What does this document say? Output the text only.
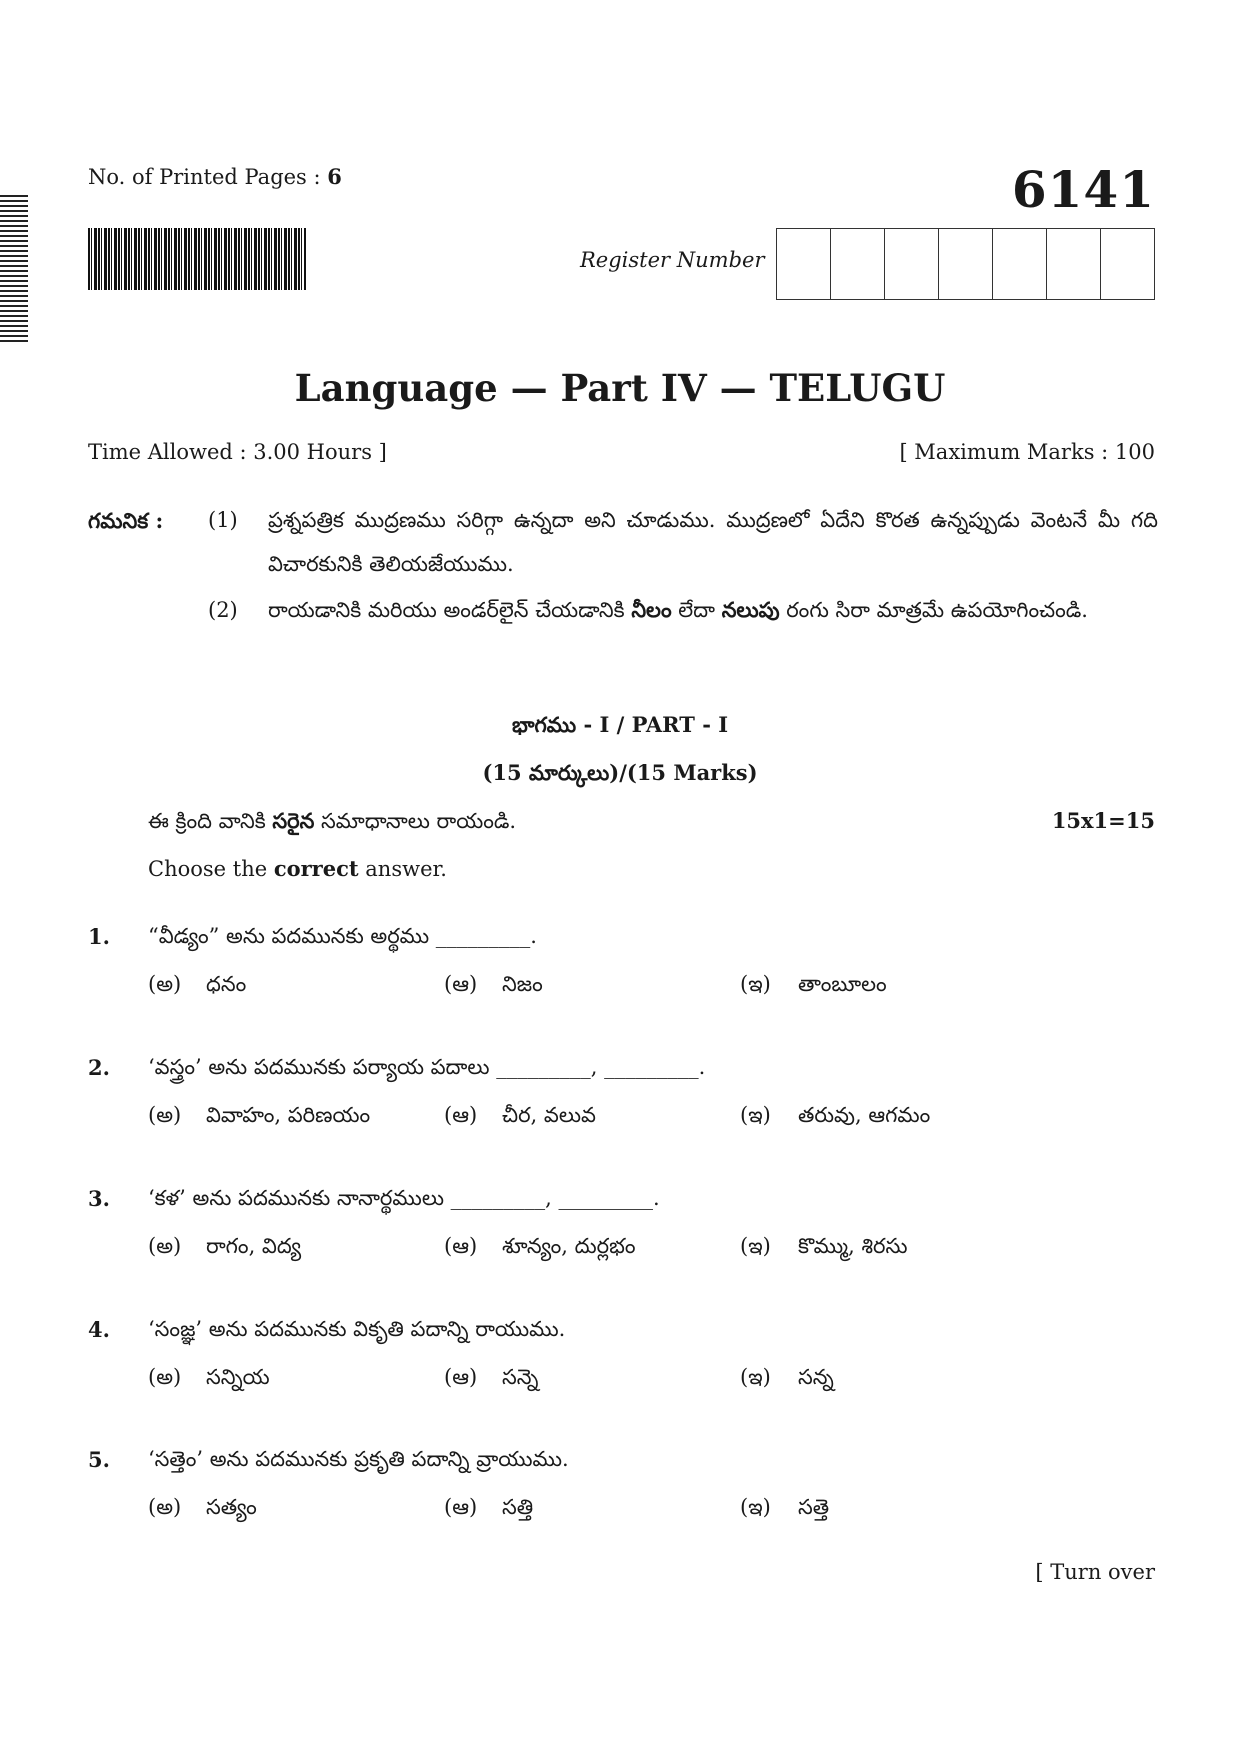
No. of Printed Pages : 6	6141
Register Number
Language — Part IV — TELUGU
Time Allowed : 3.00 Hours ]	[ Maximum Marks : 100
గమనిక : (1) ప్రశ్నపత్రిక ముద్రణము సరిగ్గా ఉన్నదా అని చూడుము. ముద్రణలో ఏదేని కొరత ఉన్నప్పుడు వెంటనే మీ గది విచారకునికి తెలియజేయుము.
(2) రాయడానికి మరియు అండర్‌లైన్ చేయడానికి నీలం లేదా నలుపు రంగు సిరా మాత్రమే ఉపయోగించండి.
భాగము - I / PART - I
(15 మార్కులు)/(15 Marks)
ఈ క్రింది వానికి సరైన సమాధానాలు రాయండి.	15x1=15
Choose the correct answer.
1. “వీడ్యం” అను పదమునకు అర్థము _________.
(అ) ధనం	(ఆ) నిజం	(ఇ) తాంబూలం
2. ‘వస్త్రం’ అను పదమునకు పర్యాయ పదాలు _________, _________.
(అ) వివాహం, పరిణయం	(ఆ) చీర, వలువ	(ఇ) తరువు, ఆగమం
3. ‘కళ’ అను పదమునకు నానార్థములు _________, _________.
(అ) రాగం, విద్య	(ఆ) శూన్యం, దుర్లభం	(ఇ) కొమ్ము, శిరసు
4. ‘సంజ్ఞ’ అను పదమునకు వికృతి పదాన్ని రాయుము.
(అ) సన్నియ	(ఆ) సన్నె	(ఇ) సన్న
5. ‘సత్తెం’ అను పదమునకు ప్రకృతి పదాన్ని వ్రాయుము.
(అ) సత్యం	(ఆ) సత్తి	(ఇ) సత్తె
[ Turn over
